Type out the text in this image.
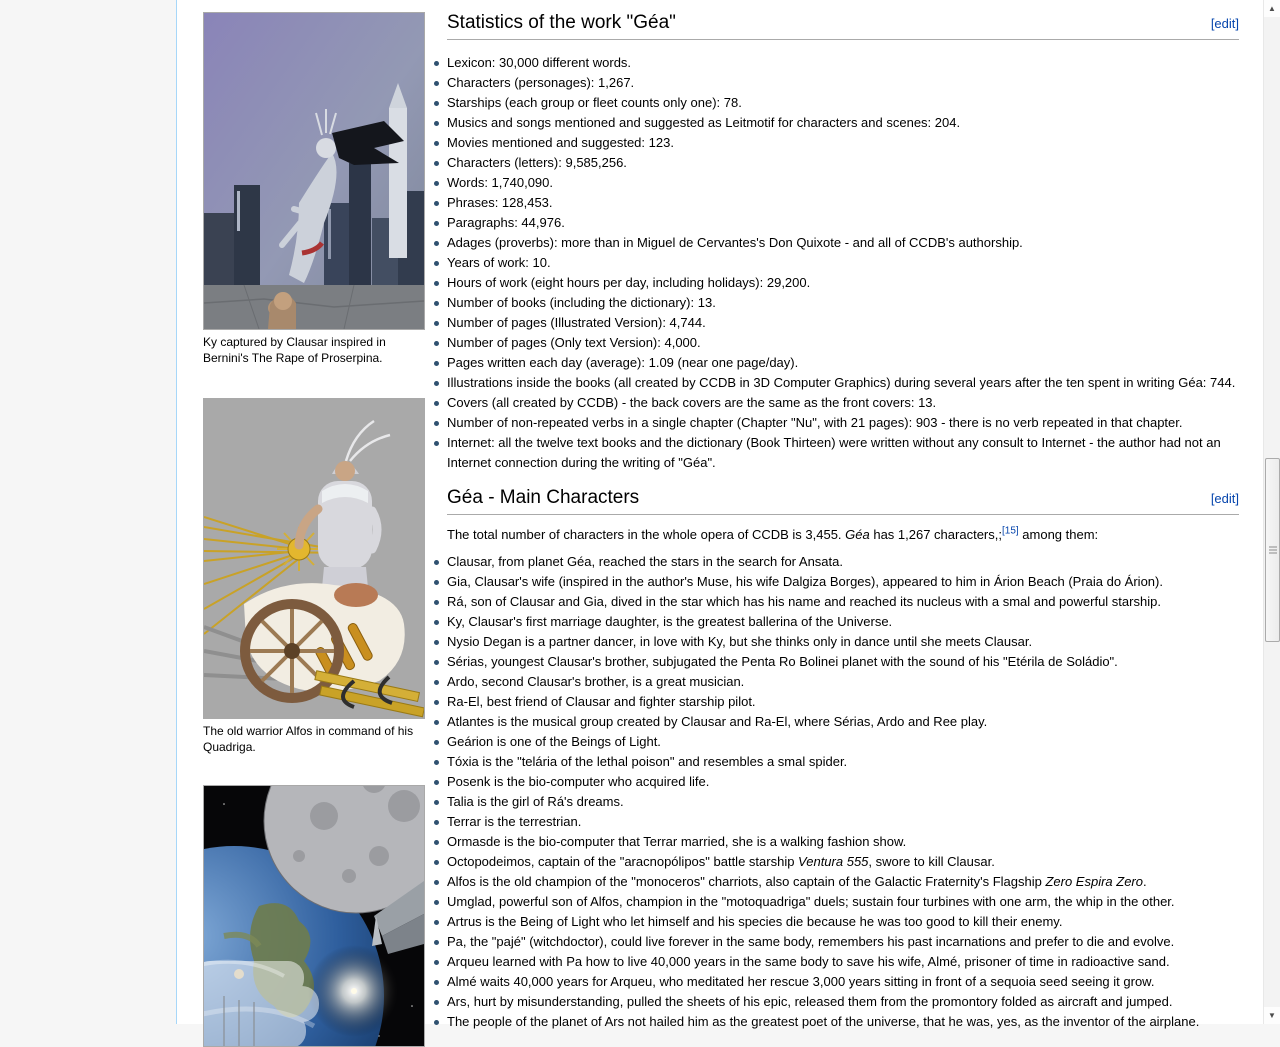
Ky captured by Clausar inspired in Bernini's The Rape of Proserpina.
The old warrior Alfos in command of his Quadriga.
[edit]
Statistics of the work "Géa"
Lexicon: 30,000 different words.
Characters (personages): 1,267.
Starships (each group or fleet counts only one): 78.
Musics and songs mentioned and suggested as Leitmotif for characters and scenes: 204.
Movies mentioned and suggested: 123.
Characters (letters): 9,585,256.
Words: 1,740,090.
Phrases: 128,453.
Paragraphs: 44,976.
Adages (proverbs): more than in Miguel de Cervantes's Don Quixote - and all of CCDB's authorship.
Years of work: 10.
Hours of work (eight hours per day, including holidays): 29,200.
Number of books (including the dictionary): 13.
Number of pages (Illustrated Version): 4,744.
Number of pages (Only text Version): 4,000.
Pages written each day (average): 1.09 (near one page/day).
Illustrations inside the books (all created by CCDB in 3D Computer Graphics) during several years after the ten spent in writing Géa: 744.
Covers (all created by CCDB) - the back covers are the same as the front covers: 13.
Number of non-repeated verbs in a single chapter (Chapter "Nu", with 21 pages): 903 - there is no verb repeated in that chapter.
Internet: all the twelve text books and the dictionary (Book Thirteen) were written without any consult to Internet - the author had not an Internet connection during the writing of "Géa".
[edit]
Géa - Main Characters

The total number of characters in the whole opera of CCDB is 3,455. Géa has 1,267 characters,;[15] among them:

Clausar, from planet Géa, reached the stars in the search for Ansata.
Gia, Clausar's wife (inspired in the author's Muse, his wife Dalgiza Borges), appeared to him in Árion Beach (Praia do Árion).
Rá, son of Clausar and Gia, dived in the star which has his name and reached its nucleus with a smal and powerful starship.
Ky, Clausar's first marriage daughter, is the greatest ballerina of the Universe.
Nysio Degan is a partner dancer, in love with Ky, but she thinks only in dance until she meets Clausar.
Sérias, youngest Clausar's brother, subjugated the Penta Ro Bolinei planet with the sound of his "Etérila de Soládio".
Ardo, second Clausar's brother, is a great musician.
Ra-El, best friend of Clausar and fighter starship pilot.
Atlantes is the musical group created by Clausar and Ra-El, where Sérias, Ardo and Ree play.
Geárion is one of the Beings of Light.
Tóxia is the "telária of the lethal poison" and resembles a smal spider.
Posenk is the bio-computer who acquired life.
Talia is the girl of Rá's dreams.
Terrar is the terrestrian.
Ormasde is the bio-computer that Terrar married, she is a walking fashion show.
Octopodeimos, captain of the "aracnopólipos" battle starship Ventura 555, swore to kill Clausar.
Alfos is the old champion of the "monoceros" charriots, also captain of the Galactic Fraternity's Flagship Zero Espira Zero.
Umglad, powerful son of Alfos, champion in the "motoquadriga" duels; sustain four turbines with one arm, the whip in the other.
Artrus is the Being of Light who let himself and his species die because he was too good to kill their enemy.
Pa, the "pajé" (witchdoctor), could live forever in the same body, remembers his past incarnations and prefer to die and evolve.
Arqueu learned with Pa how to live 40,000 years in the same body to save his wife, Almé, prisoner of time in radioactive sand.
Almé waits 40,000 years for Arqueu, who meditated her rescue 3,000 years sitting in front of a sequoia seed seeing it grow.
Ars, hurt by misunderstanding, pulled the sheets of his epic, released them from the promontory folded as aircraft and jumped.
The people of the planet of Ars not hailed him as the greatest poet of the universe, that he was, yes, as the inventor of the airplane.
▲
▼
